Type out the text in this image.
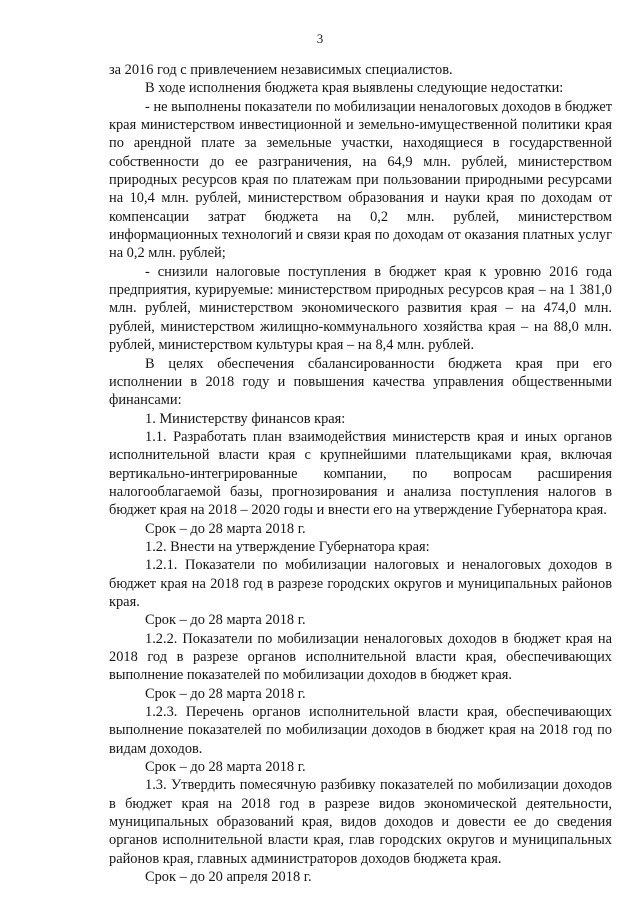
3

за 2016 год с привлечением независимых специалистов.

В ходе исполнения бюджета края выявлены следующие недостатки:

- не выполнены показатели по мобилизации неналоговых доходов в бюджет края министерством инвестиционной и земельно-имущественной политики края по арендной плате за земельные участки, находящиеся в государственной собственности до ее разграничения, на 64,9 млн. рублей, министерством природных ресурсов края по платежам при пользовании природными ресурсами на 10,4 млн. рублей, министерством образования и науки края по доходам от компенсации затрат бюджета на 0,2 млн. рублей, министерством информационных технологий и связи края по доходам от оказания платных услуг на 0,2 млн. рублей;

- снизили налоговые поступления в бюджет края к уровню 2016 года предприятия, курируемые: министерством природных ресурсов края – на 1 381,0 млн. рублей, министерством экономического развития края – на 474,0 млн. рублей, министерством жилищно-коммунального хозяйства края – на 88,0 млн. рублей, министерством культуры края – на 8,4 млн. рублей.

В целях обеспечения сбалансированности бюджета края при его исполнении в 2018 году и повышения качества управления общественными финансами:

1. Министерству финансов края:

1.1. Разработать план взаимодействия министерств края и иных органов исполнительной власти края с крупнейшими плательщиками края, включая вертикально-интегрированные компании, по вопросам расширения налогооблагаемой базы, прогнозирования и анализа поступления налогов в бюджет края на 2018 – 2020 годы и внести его на утверждение Губернатора края.

Срок – до 28 марта 2018 г.

1.2. Внести на утверждение Губернатора края:

1.2.1. Показатели по мобилизации налоговых и неналоговых доходов в бюджет края на 2018 год в разрезе городских округов и муниципальных районов края.

Срок – до 28 марта 2018 г.

1.2.2. Показатели по мобилизации неналоговых доходов в бюджет края на 2018 год в разрезе органов исполнительной власти края, обеспечивающих выполнение показателей по мобилизации доходов в бюджет края.

Срок – до 28 марта 2018 г.

1.2.3. Перечень органов исполнительной власти края, обеспечивающих выполнение показателей по мобилизации доходов в бюджет края на 2018 год по видам доходов.

Срок – до 28 марта 2018 г.

1.3. Утвердить помесячную разбивку показателей по мобилизации доходов в бюджет края на 2018 год в разрезе видов экономической деятельности, муниципальных образований края, видов доходов и довести ее до сведения органов исполнительной власти края, глав городских округов и муниципальных районов края, главных администраторов доходов бюджета края.

Срок – до 20 апреля 2018 г.
